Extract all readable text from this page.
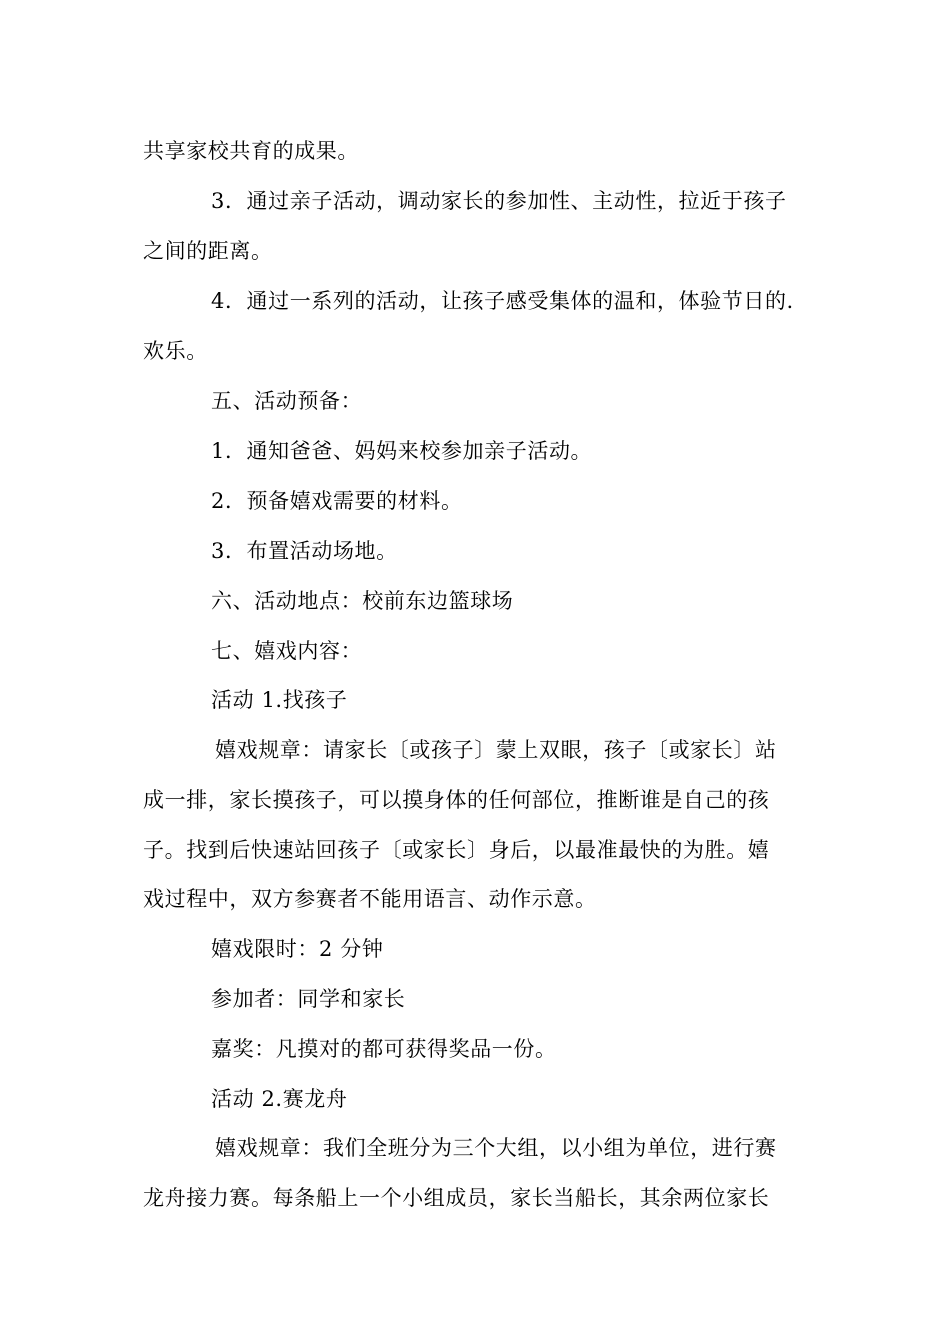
共享家校共育的成果。
3．通过亲子活动，调动家长的参加性、主动性，拉近于孩子
之间的距离。
4．通过一系列的活动，让孩子感受集体的温和，体验节日的.
欢乐。
五、活动预备：
1．通知爸爸、妈妈来校参加亲子活动。
2．预备嬉戏需要的材料。
3．布置活动场地。
六、活动地点：校前东边篮球场
七、嬉戏内容：
活动 1.找孩子
嬉戏规章：请家长〔或孩子〕蒙上双眼，孩子〔或家长〕站
成一排，家长摸孩子，可以摸身体的任何部位，推断谁是自己的孩
子。找到后快速站回孩子〔或家长〕身后，以最准最快的为胜。嬉
戏过程中，双方参赛者不能用语言、动作示意。
嬉戏限时：2 分钟
参加者：同学和家长
嘉奖：凡摸对的都可获得奖品一份。
活动 2.赛龙舟
嬉戏规章：我们全班分为三个大组，以小组为单位，进行赛
龙舟接力赛。每条船上一个小组成员，家长当船长，其余两位家长
